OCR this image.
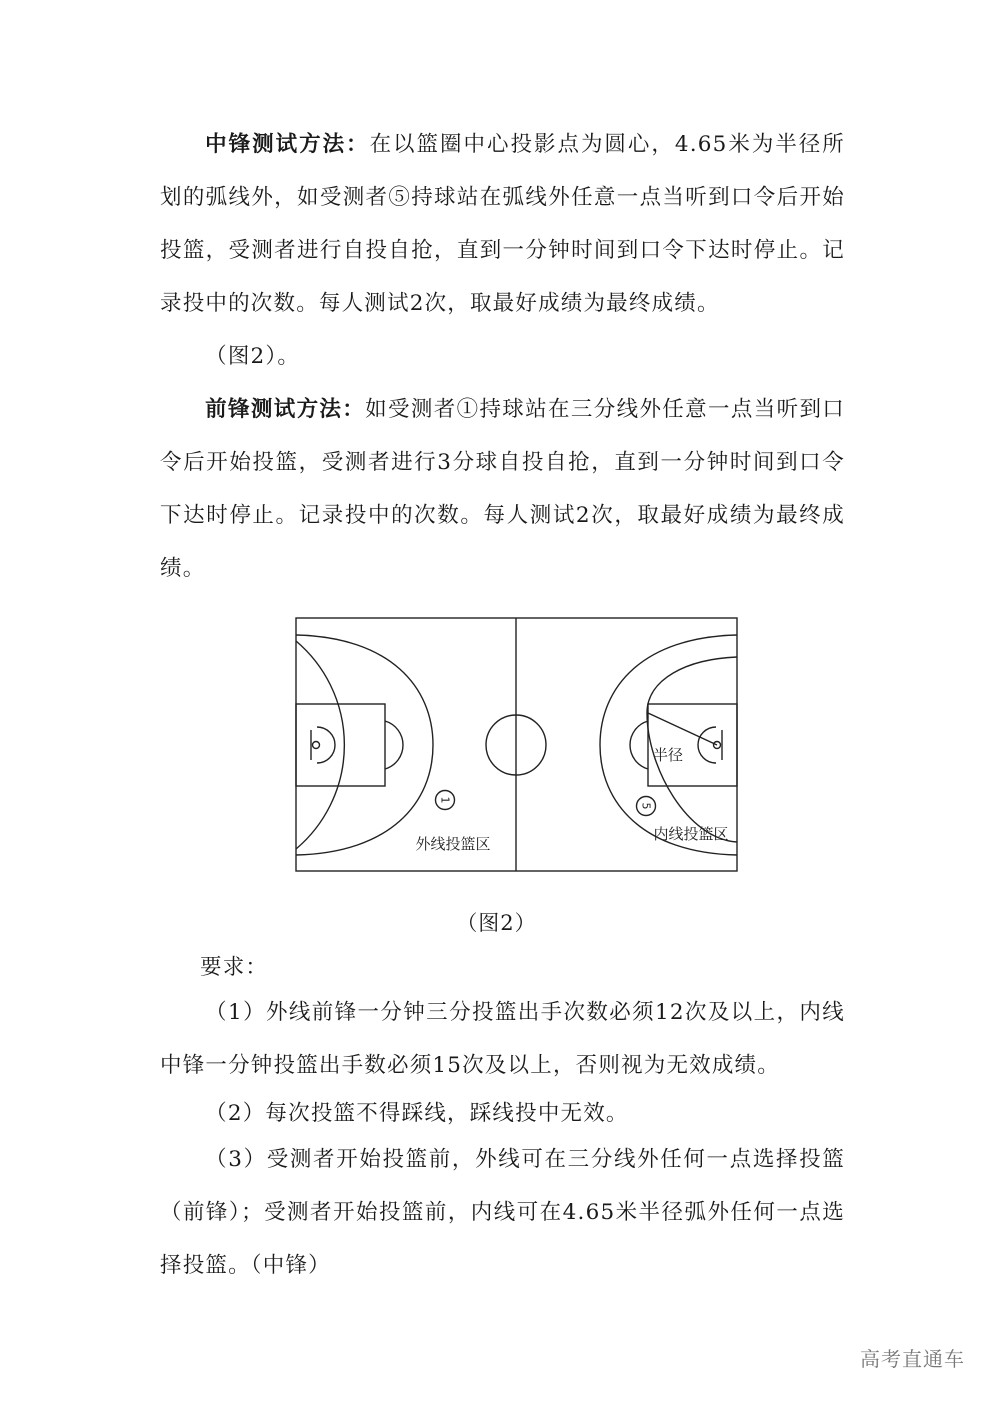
中锋测试方法：在以篮圈中心投影点为圆心，4.65米为半径所划的弧线外，如受测者⑤持球站在弧线外任意一点当听到口令后开始投篮，受测者进行自投自抢，直到一分钟时间到口令下达时停止。记录投中的次数。每人测试2次，取最好成绩为最终成绩。

（图2）。

前锋测试方法：如受测者①持球站在三分线外任意一点当听到口令后开始投篮，受测者进行3分球自投自抢，直到一分钟时间到口令下达时停止。记录投中的次数。每人测试2次，取最好成绩为最终成绩。

1
5
外线投篮区
内线投篮区
半径
（图2）

要求：

（1）外线前锋一分钟三分投篮出手次数必须12次及以上，内线中锋一分钟投篮出手数必须15次及以上，否则视为无效成绩。

（2）每次投篮不得踩线，踩线投中无效。

（3）受测者开始投篮前，外线可在三分线外任何一点选择投篮（前锋）；受测者开始投篮前，内线可在4.65米半径弧外任何一点选择投篮。（中锋）

高考直通车
